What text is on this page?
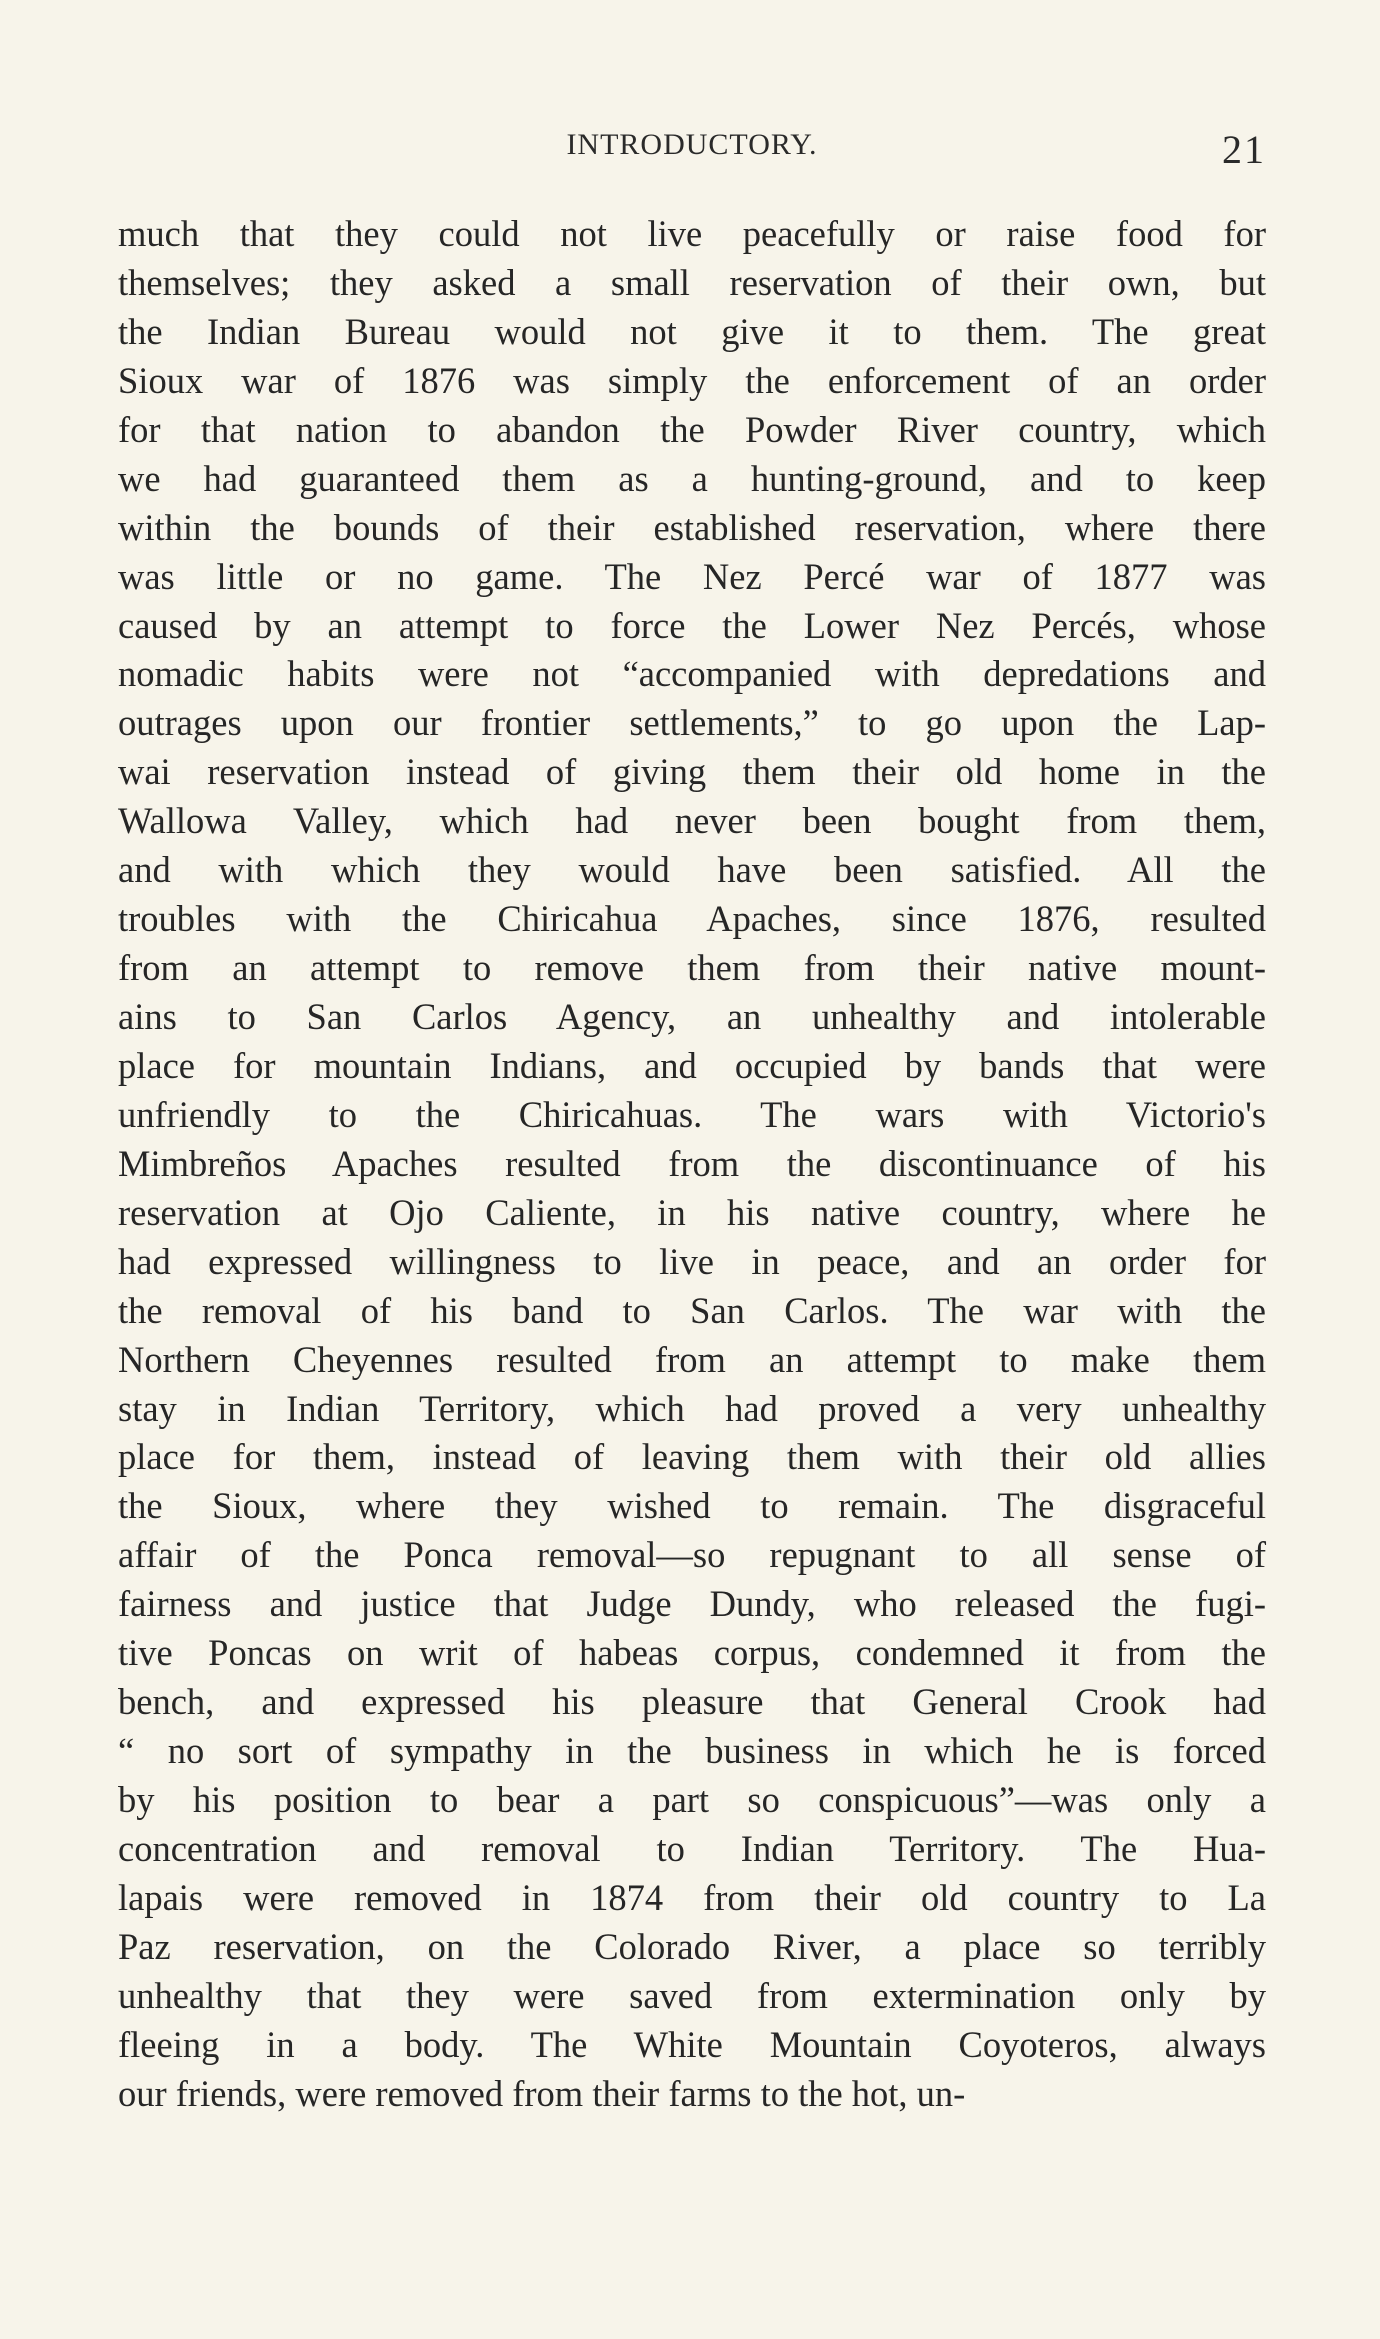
INTRODUCTORY.	21
much that they could not live peacefully or raise food for
themselves; they asked a small reservation of their own, but
the Indian Bureau would not give it to them. The great
Sioux war of 1876 was simply the enforcement of an order
for that nation to abandon the Powder River country, which
we had guaranteed them as a hunting-ground, and to keep
within the bounds of their established reservation, where there
was little or no game. The Nez Percé war of 1877 was
caused by an attempt to force the Lower Nez Percés, whose
nomadic habits were not “accompanied with depredations and
outrages upon our frontier settlements,” to go upon the Lap-
wai reservation instead of giving them their old home in the
Wallowa Valley, which had never been bought from them,
and with which they would have been satisfied. All the
troubles with the Chiricahua Apaches, since 1876, resulted
from an attempt to remove them from their native mount-
ains to San Carlos Agency, an unhealthy and intolerable
place for mountain Indians, and occupied by bands that were
unfriendly to the Chiricahuas. The wars with Victorio's
Mimbreños Apaches resulted from the discontinuance of his
reservation at Ojo Caliente, in his native country, where he
had expressed willingness to live in peace, and an order for
the removal of his band to San Carlos. The war with the
Northern Cheyennes resulted from an attempt to make them
stay in Indian Territory, which had proved a very unhealthy
place for them, instead of leaving them with their old allies
the Sioux, where they wished to remain. The disgraceful
affair of the Ponca removal—so repugnant to all sense of
fairness and justice that Judge Dundy, who released the fugi-
tive Poncas on writ of habeas corpus, condemned it from the
bench, and expressed his pleasure that General Crook had
“ no sort of sympathy in the business in which he is forced
by his position to bear a part so conspicuous”—was only a
concentration and removal to Indian Territory. The Hua-
lapais were removed in 1874 from their old country to La
Paz reservation, on the Colorado River, a place so terribly
unhealthy that they were saved from extermination only by
fleeing in a body. The White Mountain Coyoteros, always
our friends, were removed from their farms to the hot, un-
